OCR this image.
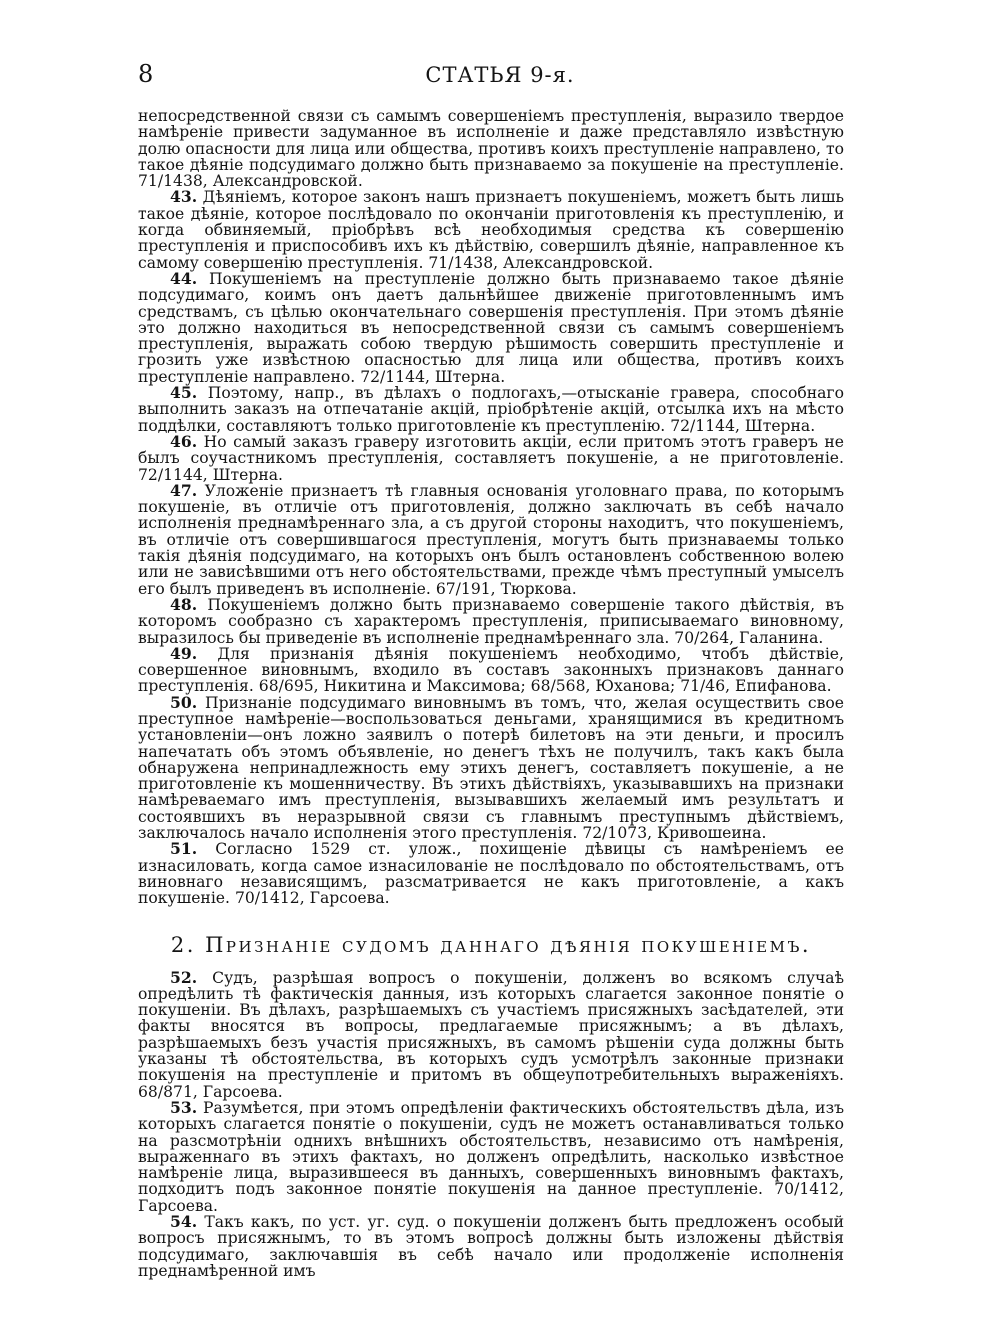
8	СТАТЬЯ 9-я.

непосредственной связи съ самымъ совершеніемъ преступленія, выразило твердое намѣреніе привести задуманное въ исполненіе и даже представляло извѣстную долю опасности для лица или общества, противъ коихъ преступленіе направлено, то такое дѣяніе подсудимаго должно быть признаваемо за покушеніе на преступленіе. 71/1438, Александровской.

43. Дѣяніемъ, которое законъ нашъ признаетъ покушеніемъ, можетъ быть лишь такое дѣяніе, которое послѣдовало по окончаніи приготовленія къ преступленію, и когда обвиняемый, пріобрѣвъ всѣ необходимыя средства къ совершенію преступленія и приспособивъ ихъ къ дѣйствію, совершилъ дѣяніе, направленное къ самому совершенію преступленія. 71/1438, Александровской.

44. Покушеніемъ на преступленіе должно быть признаваемо такое дѣяніе подсудимаго, коимъ онъ даетъ дальнѣйшее движеніе приготовленнымъ имъ средствамъ, съ цѣлью окончательнаго совершенія преступленія. При этомъ дѣяніе это должно находиться въ непосредственной связи съ самымъ совершеніемъ преступленія, выражать собою твердую рѣшимость совершить преступленіе и грозить уже извѣстною опасностью для лица или общества, противъ коихъ преступленіе направлено. 72/1144, Штерна.

45. Поэтому, напр., въ дѣлахъ о подлогахъ,—отысканіе гравера, способнаго выполнить заказъ на отпечатаніе акцій, пріобрѣтеніе акцій, отсылка ихъ на мѣсто поддѣлки, составляютъ только приготовленіе къ преступленію. 72/1144, Штерна.

46. Но самый заказъ граверу изготовить акціи, если притомъ этотъ граверъ не былъ соучастникомъ преступленія, составляетъ покушеніе, а не приготовленіе. 72/1144, Штерна.

47. Уложеніе признаетъ тѣ главныя основанія уголовнаго права, по которымъ покушеніе, въ отличіе отъ приготовленія, должно заключать въ себѣ начало исполненія преднамѣреннаго зла, а съ другой стороны находитъ, что покушеніемъ, въ отличіе отъ совершившагося преступленія, могутъ быть признаваемы только такія дѣянія подсудимаго, на которыхъ онъ былъ остановленъ собственною волею или не зависѣвшими отъ него обстоятельствами, прежде чѣмъ преступный умыселъ его былъ приведенъ въ исполненіе. 67/191, Тюркова.

48. Покушеніемъ должно быть признаваемо совершеніе такого дѣйствія, въ которомъ сообразно съ характеромъ преступленія, приписываемаго виновному, выразилось бы приведеніе въ исполненіе преднамѣреннаго зла. 70/264, Галанина.

49. Для признанія дѣянія покушеніемъ необходимо, чтобъ дѣйствіе, совершенное виновнымъ, входило въ составъ законныхъ признаковъ даннаго преступленія. 68/695, Никитина и Максимова; 68/568, Юханова; 71/46, Епифанова.

50. Признаніе подсудимаго виновнымъ въ томъ, что, желая осуществить свое преступное намѣреніе—воспользоваться деньгами, хранящимися въ кредитномъ установленіи—онъ ложно заявилъ о потерѣ билетовъ на эти деньги, и просилъ напечатать объ этомъ объявленіе, но денегъ тѣхъ не получилъ, такъ какъ была обнаружена непринадлежность ему этихъ денегъ, составляетъ покушеніе, а не приготовленіе къ мошенничеству. Въ этихъ дѣйствіяхъ, указывавшихъ на признаки намѣреваемаго имъ преступленія, вызывавшихъ желаемый имъ результатъ и состоявшихъ въ неразрывной связи съ главнымъ преступнымъ дѣйствіемъ, заключалось начало исполненія этого преступленія. 72/1073, Кривошеина.

51. Согласно 1529 ст. улож., похищеніе дѣвицы съ намѣреніемъ ее изнасиловать, когда самое изнасилованіе не послѣдовало по обстоятельствамъ, отъ виновнаго независящимъ, разсматривается не какъ приготовленіе, а какъ покушеніе. 70/1412, Гарсоева.

2. Признаніе судомъ даннаго дѣянія покушеніемъ.

52. Судъ, разрѣшая вопросъ о покушеніи, долженъ во всякомъ случаѣ опредѣлить тѣ фактическія данныя, изъ которыхъ слагается законное понятіе о покушеніи. Въ дѣлахъ, разрѣшаемыхъ съ участіемъ присяжныхъ засѣдателей, эти факты вносятся въ вопросы, предлагаемые присяжнымъ; а въ дѣлахъ, разрѣшаемыхъ безъ участія присяжныхъ, въ самомъ рѣшеніи суда должны быть указаны тѣ обстоятельства, въ которыхъ судъ усмотрѣлъ законные признаки покушенія на преступленіе и притомъ въ общеупотребительныхъ выраженіяхъ. 68/871, Гарсоева.

53. Разумѣется, при этомъ опредѣленіи фактическихъ обстоятельствъ дѣла, изъ которыхъ слагается понятіе о покушеніи, судъ не можетъ останавливаться только на разсмотрѣніи однихъ внѣшнихъ обстоятельствъ, независимо отъ намѣренія, выраженнаго въ этихъ фактахъ, но долженъ опредѣлить, насколько извѣстное намѣреніе лица, выразившееся въ данныхъ, совершенныхъ виновнымъ фактахъ, подходитъ подъ законное понятіе покушенія на данное преступленіе. 70/1412, Гарсоева.

54. Такъ какъ, по уст. уг. суд. о покушеніи долженъ быть предложенъ особый вопросъ присяжнымъ, то въ этомъ вопросѣ должны быть изложены дѣйствія подсудимаго, заключавшія въ себѣ начало или продолженіе исполненія преднамѣренной имъ
